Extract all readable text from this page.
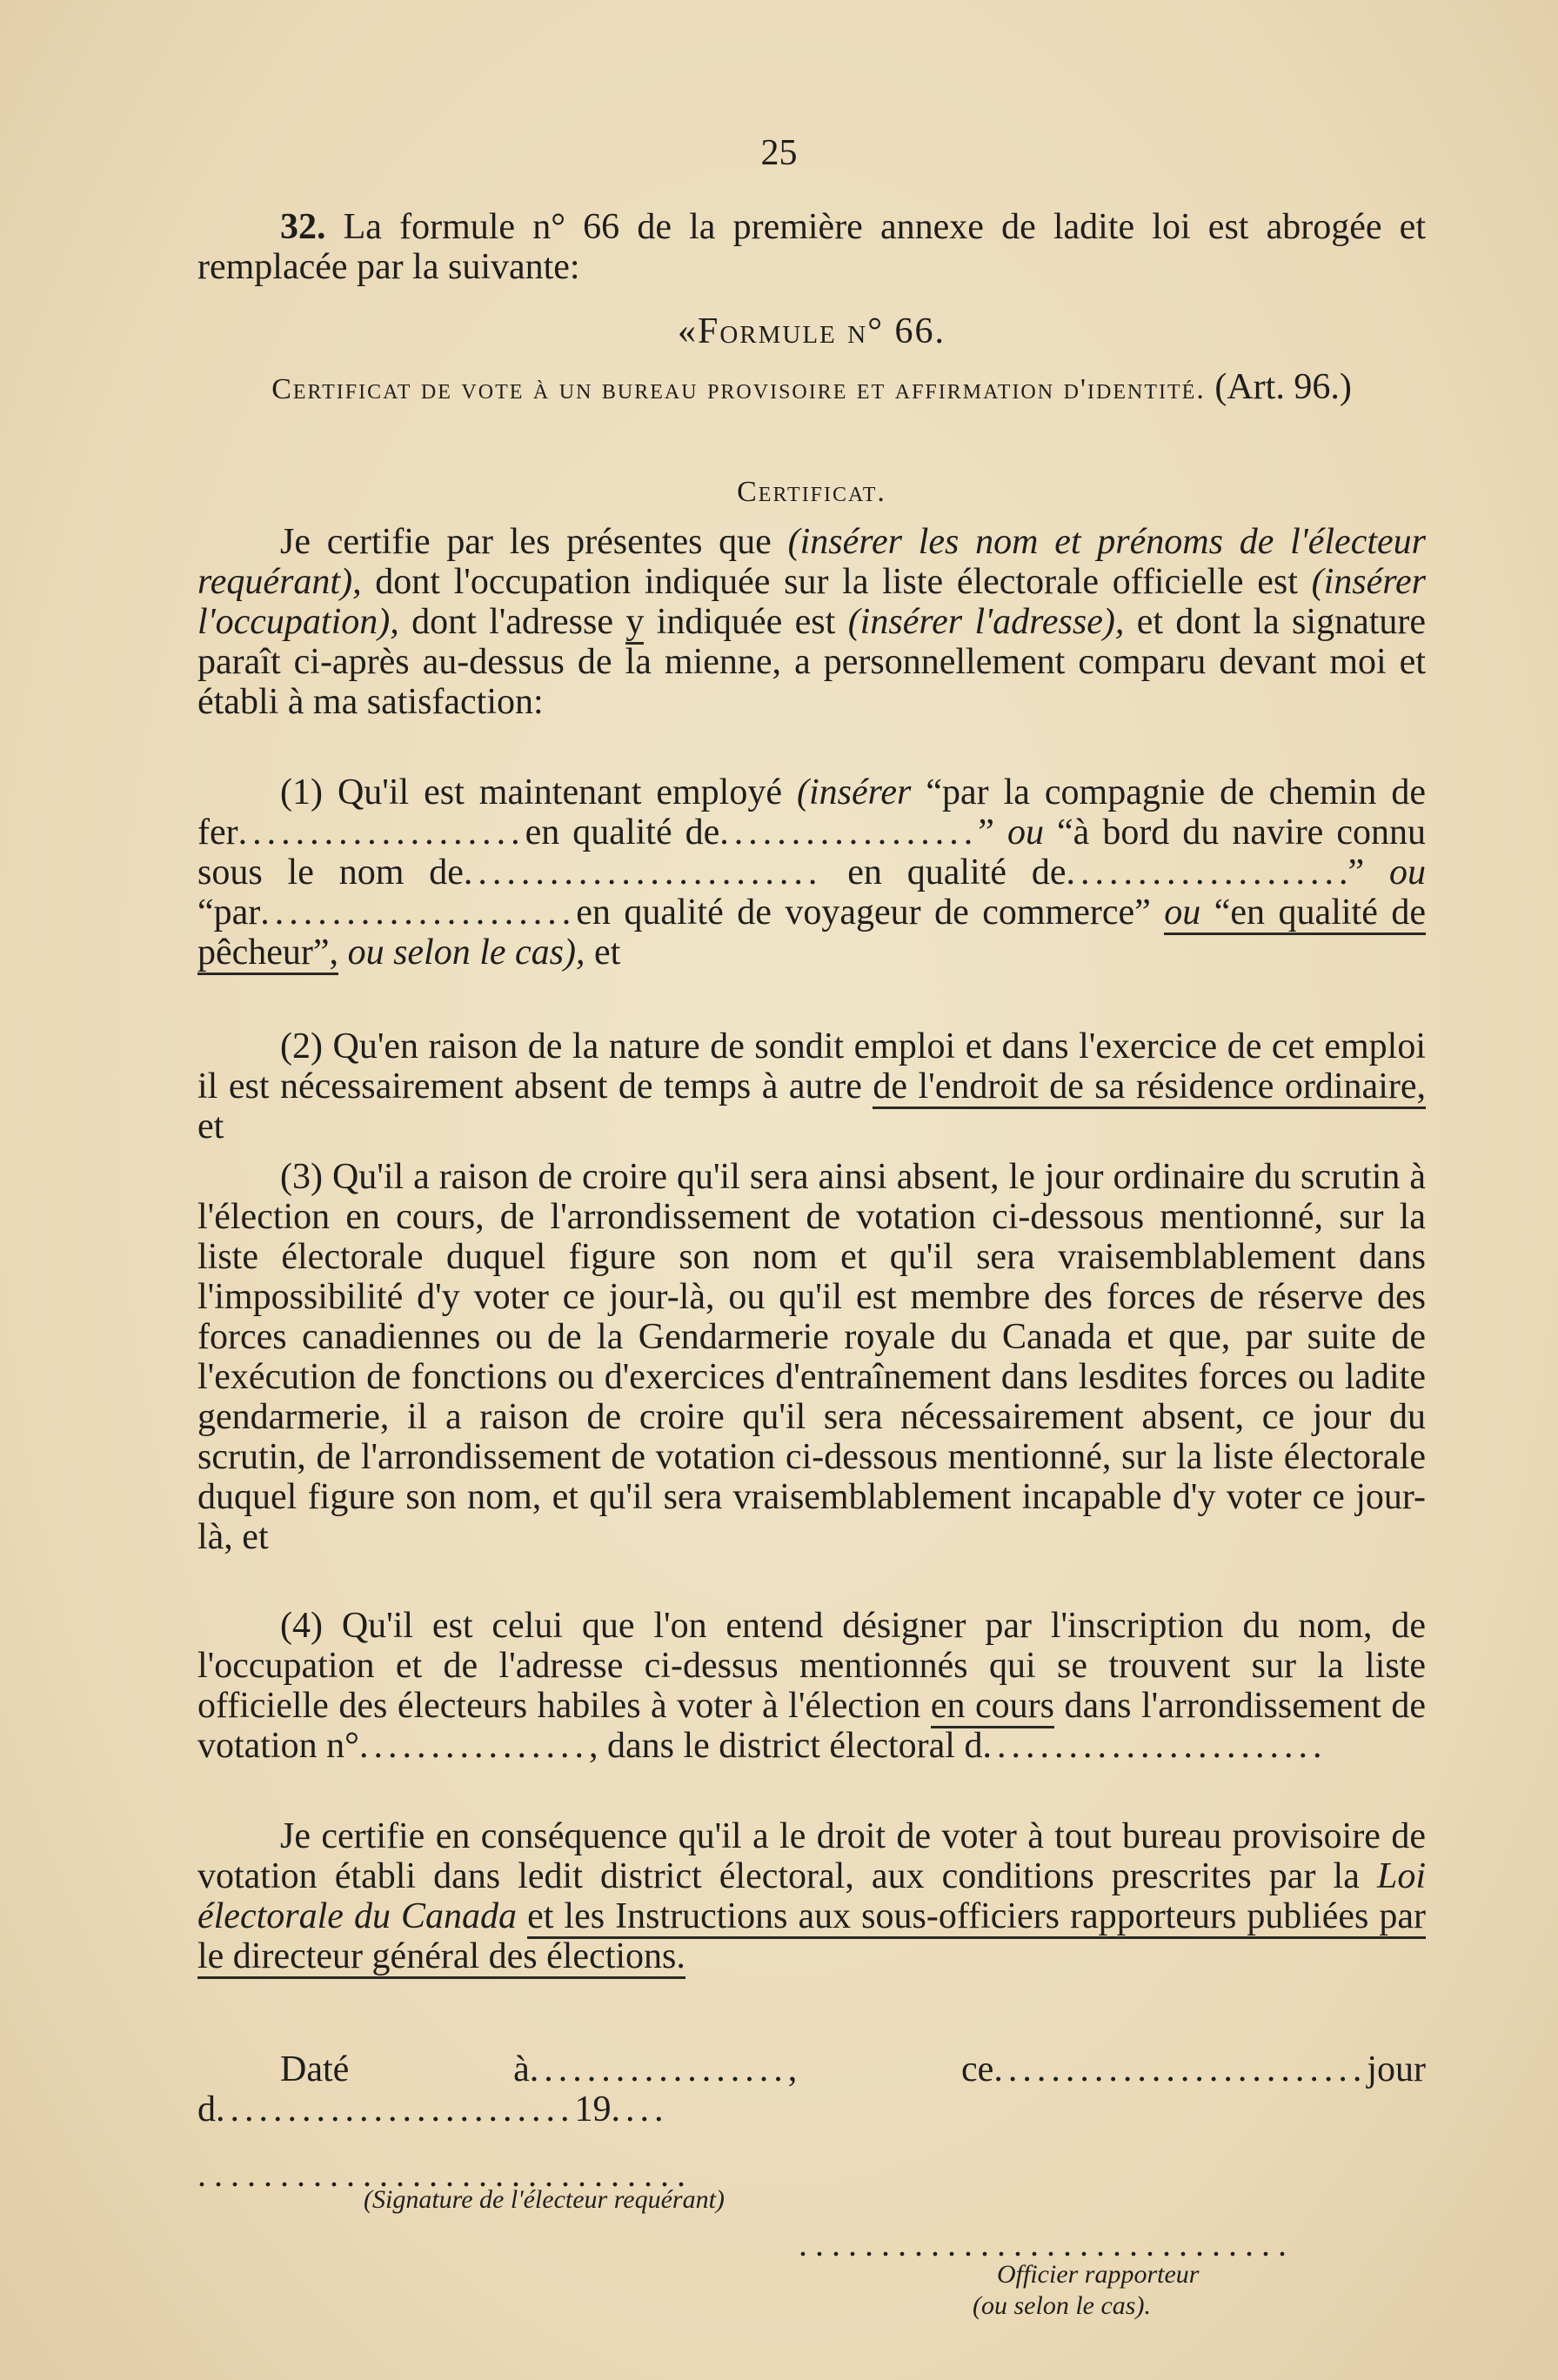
25
32. La formule n° 66 de la première annexe de ladite loi est abrogée et remplacée par la suivante:
«Formule n° 66.
Certificat de vote à un bureau provisoire et affirmation d'identité. (Art. 96.)
Certificat.
Je certifie par les présentes que (insérer les nom et prénoms de l'électeur requérant), dont l'occupation indiquée sur la liste électorale officielle est (insérer l'occupation), dont l'adresse y indiquée est (insérer l'adresse), et dont la signature paraît ci-après au-dessus de la mienne, a personnellement comparu devant moi et établi à ma satisfaction:
(1) Qu'il est maintenant employé (insérer “par la compagnie de chemin de fer....................en qualité de..................” ou “à bord du navire connu sous le nom de......................... en qualité de....................” ou “par......................en qualité de voyageur de commerce” ou “en qualité de pêcheur”, ou selon le cas), et
(2) Qu'en raison de la nature de sondit emploi et dans l'exercice de cet emploi il est nécessairement absent de temps à autre de l'endroit de sa résidence ordinaire, et
(3) Qu'il a raison de croire qu'il sera ainsi absent, le jour ordinaire du scrutin à l'élection en cours, de l'arrondissement de votation ci-dessous mentionné, sur la liste électorale duquel figure son nom et qu'il sera vraisemblablement dans l'impossibilité d'y voter ce jour-là, ou qu'il est membre des forces de réserve des forces canadiennes ou de la Gendarmerie royale du Canada et que, par suite de l'exécution de fonctions ou d'exercices d'entraînement dans lesdites forces ou ladite gendarmerie, il a raison de croire qu'il sera nécessairement absent, ce jour du scrutin, de l'arrondissement de votation ci-dessous mentionné, sur la liste électorale duquel figure son nom, et qu'il sera vraisemblablement incapable d'y voter ce jour-là, et
(4) Qu'il est celui que l'on entend désigner par l'inscription du nom, de l'occupation et de l'adresse ci-dessus mentionnés qui se trouvent sur la liste officielle des électeurs habiles à voter à l'élection en cours dans l'arrondissement de votation n°................, dans le district électoral d........................
Je certifie en conséquence qu'il a le droit de voter à tout bureau provisoire de votation établi dans ledit district électoral, aux conditions prescrites par la Loi électorale du Canada et les Instructions aux sous-officiers rapporteurs publiées par le directeur général des élections.
Daté à.................., ce..........................jour d.........................19....
..............................
(Signature de l'électeur requérant)
..............................
Officier rapporteur
(ou selon le cas).
